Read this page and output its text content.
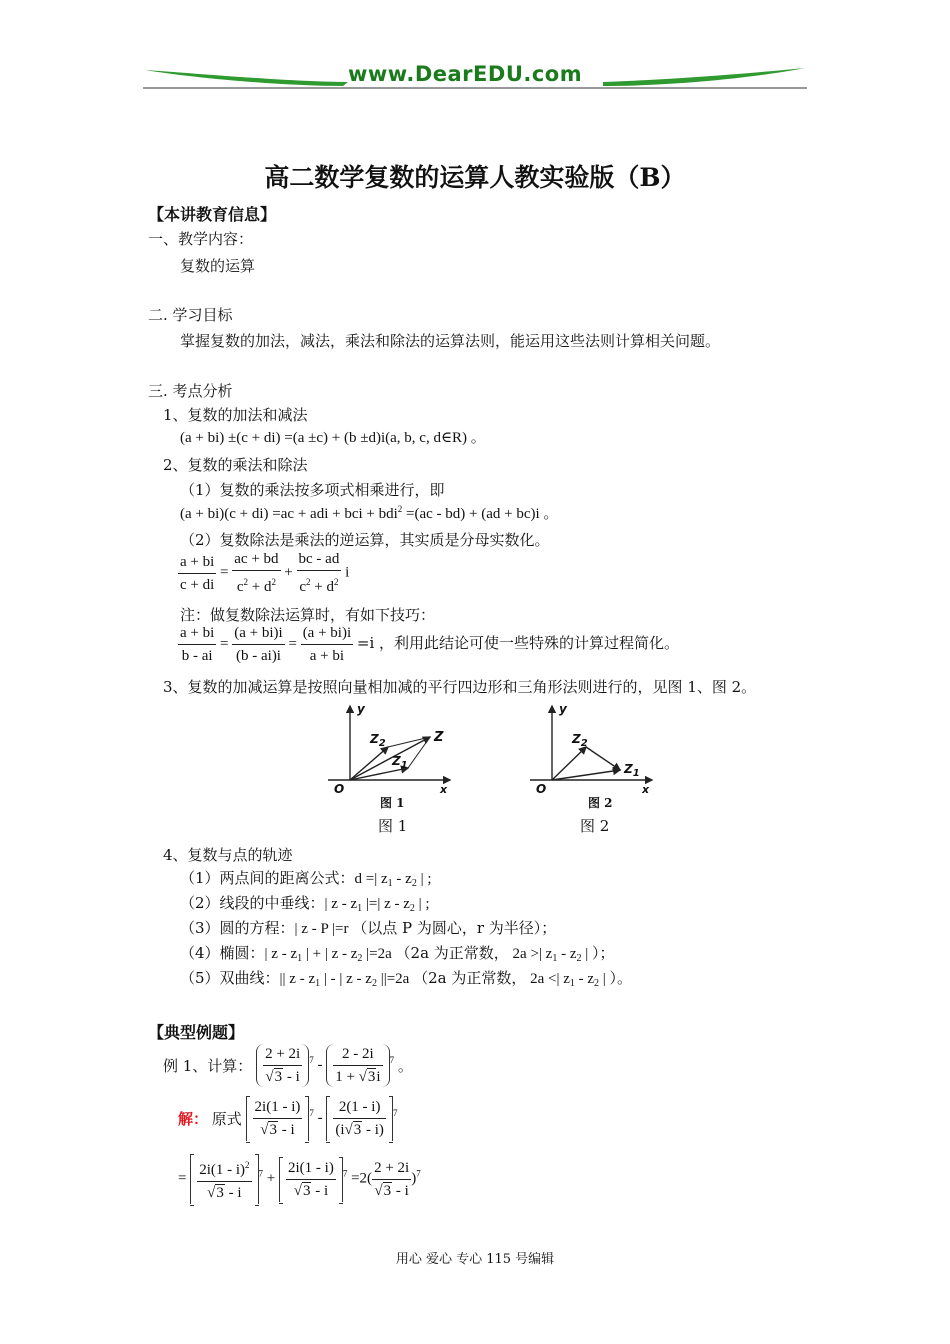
www.DearEDU.com
高二数学复数的运算人教实验版（B）
【本讲教育信息】
一、教学内容：
复数的运算
二. 学习目标
掌握复数的加法，减法，乘法和除法的运算法则，能运用这些法则计算相关问题。
三. 考点分析
1、复数的加法和减法
(a + bi) ±(c + di) =(a ±c) + (b ±d)i(a, b, c, d∈R) 。
2、复数的乘法和除法
（1）复数的乘法按多项式相乘进行，即
(a + bi)(c + di) =ac + adi + bci + bdi$^2$ =(ac - bd) + (ad + bc)i 。
（2）复数除法是乘法的逆运算，其实质是分母实数化。
$\frac{a + bi}{c + di} = \frac{ac + bd}{c^2 + d^2} + \frac{bc - ad}{c^2 + d^2}$ i
注：做复数除法运算时，有如下技巧：
$\frac{a + bi}{b - ai} = \frac{(a + bi)i}{(b - ai)i} = \frac{(a + bi)i}{a + bi} =i$ ，利用此结论可使一些特殊的计算过程简化。
3、复数的加减运算是按照向量相加减的平行四边形和三角形法则进行的，见图 1、图 2。
y
$Z_2$	Z
$Z_1$
O	x
图 1
图 1
y
$Z_2$
$Z_1$
O	x
图 2
图 2
4、复数与点的轨迹
（1）两点间的距离公式：d =| $z_1 - z_2$ | ;
（2）线段的中垂线：| z - $z_1$ |=| z - $z_2$ | ;
（3）圆的方程：| z - P |=r （以点 P 为圆心，r 为半径）；
（4）椭圆：| z - $z_1$ | + | z - $z_2$ |=2a （2a 为正常数， 2a >| $z_1 - z_2$ | ）；
（5）双曲线：|| z - $z_1$ | - | z - $z_2$ ||=2a （2a 为正常数， 2a <| $z_1 - z_2$ | ）。
【典型例题】
例 1、计算： $\frac{2 + 2i}{√3 - i} ^7 - \frac{2 - 2i}{1 + √3i} ^7$ 。
解： 原式 $\frac{2i(1 - i)}{√3 - i} ^7 - \frac{2(1 - i)}{(i√3 - i)} ^7$
= $\frac{2i(1 - i)^2}{√3 - i} ^7 + \frac{2i(1 - i)}{√3 - i} ^7 =2( \frac{2 + 2i}{√3 - i} )^7$
用心 爱心 专心 115 号编辑
